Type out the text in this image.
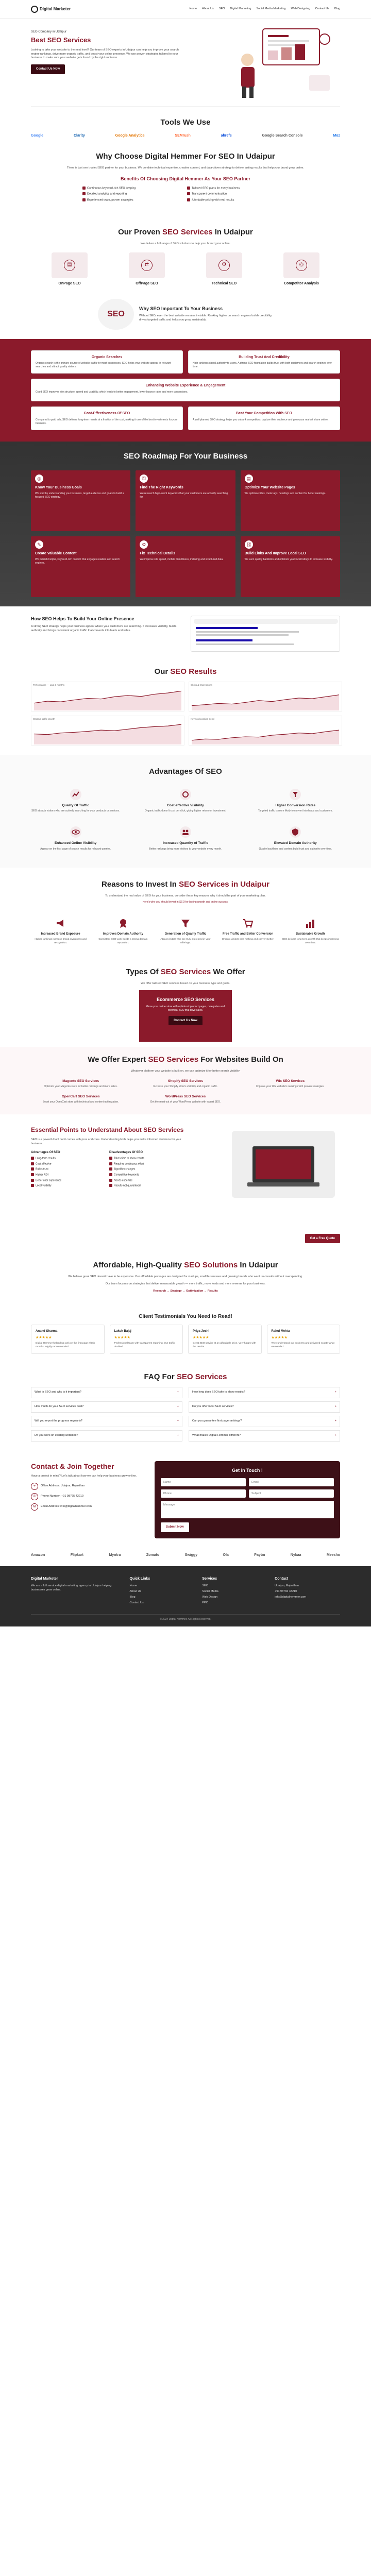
Digital Marketer	Home About Us SEO Digital Marketing Social Media Marketing Web Designing Contact Us Blog
SEO Company in Udaipur
Best SEO Services

Looking to take your website to the next level? Our team of SEO experts in Udaipur can help you improve your search engine rankings, drive more organic traffic, and boost your online presence. We use proven strategies tailored to your business to make sure your website gets found by the right audience.

Contact Us Now
Tools We Use
Google	Clarity	Google Analytics	SEMrush	ahrefs	Google Search Console	Moz
Why Choose Digital Hemmer For SEO In Udaipur

There is just one trusted SEO partner for your business. We combine technical expertise, creative content, and data-driven strategy to deliver lasting results that help your brand grow online.

Benefits Of Choosing Digital Hemmer As Your SEO Partner
Continuous keyword-rich SEO keeping
Detailed analytics and reporting
Experienced team, proven strategies
Tailored SEO plans for every business
Transparent communication
Affordable pricing with real results
Our Proven SEO Services In Udaipur

We deliver a full range of SEO solutions to help your brand grow online.

▤
OnPage SEO
⇄
OffPage SEO
⚙
Technical SEO
◎
Competitor Analysis
SEO
Why SEO Important To Your Business

Without SEO, even the best website remains invisible. Ranking higher on search engines builds credibility, drives targeted traffic and helps you grow sustainably.

Organic Searches

Organic search is the primary source of website traffic for most businesses. SEO helps your website appear in relevant searches and attract quality visitors.

Building Trust And Credibility

High rankings signal authority to users. A strong SEO foundation builds trust with both customers and search engines over time.

Enhancing Website Experience & Engagement

Good SEO improves site structure, speed and usability, which leads to better engagement, lower bounce rates and more conversions.

Cost-Effectiveness Of SEO

Compared to paid ads, SEO delivers long-term results at a fraction of the cost, making it one of the best investments for your business.

Beat Your Competition With SEO

A well planned SEO strategy helps you outrank competitors, capture their audience and grow your market share online.

SEO Roadmap For Your Business
◎
Know Your Business Goals

We start by understanding your business, target audience and goals to build a focused SEO strategy.

⚿
Find The Right Keywords

We research high-intent keywords that your customers are actually searching for.

▤
Optimize Your Website Pages

We optimize titles, meta tags, headings and content for better rankings.

✎
Create Valuable Content

We publish helpful, keyword-rich content that engages readers and search engines.

⚙
Fix Technical Details

We improve site speed, mobile friendliness, indexing and structured data.

⛓
Build Links And Improve Local SEO

We earn quality backlinks and optimize your local listings to increase visibility.

How SEO Helps To Build Your Online Presence

A strong SEO strategy helps your business appear where your customers are searching. It increases visibility, builds authority and brings consistent organic traffic that converts into leads and sales.

Our SEO Results
Performance — Last 3 months	Clicks & Impressions
Organic traffic growth	Keyword position trend
Advantages Of SEO
Quality Of Traffic

SEO attracts visitors who are actively searching for your products or services.

Cost-effective Visibility

Organic traffic doesn't cost per click, giving higher return on investment.

Higher Conversion Rates

Targeted traffic is more likely to convert into leads and customers.

Enhanced Online Visibility

Appear on the first page of search results for relevant queries.

Increased Quantity of Traffic

Better rankings bring more visitors to your website every month.

Elevated Domain Authority

Quality backlinks and content build trust and authority over time.

Reasons to Invest In SEO Services in Udaipur

To understand the real value of SEO for your business, consider these key reasons why it should be part of your marketing plan.

Here's why you should invest in SEO for lasting growth and online success.

Increased Brand Exposure

Higher rankings increase brand awareness and recognition.

Improves Domain Authority

Consistent SEO work builds a strong domain reputation.

Generation of Quality Traffic

Attract visitors who are truly interested in your offerings.

Free Traffic and Better Conversion

Organic visitors cost nothing and convert better.

Sustainable Growth

SEO delivers long-term growth that keeps improving over time.

Types Of SEO Services We Offer

We offer tailored SEO services based on your business type and goals.

Ecommerce SEO Services

Grow your online store with optimized product pages, categories and technical SEO that drive sales.

Contact Us Now
We Offer Expert SEO Services For Websites Build On

Whatever platform your website is built on, we can optimize it for better search visibility.

Magento SEO Services

Optimize your Magento store for better rankings and more sales.

Shopify SEO Services

Increase your Shopify store's visibility and organic traffic.

Wix SEO Services

Improve your Wix website's rankings with proven strategies.

OpenCart SEO Services

Boost your OpenCart store with technical and content optimization.

WordPress SEO Services

Get the most out of your WordPress website with expert SEO.

Essential Points to Understand About SEO Services

SEO is a powerful tool but it comes with pros and cons. Understanding both helps you make informed decisions for your business.

Advantages Of SEO
Long-term results
Cost-effective
Builds trust
Higher ROI
Better user experience
Local visibility
Disadvantages Of SEO
Takes time to show results
Requires continuous effort
Algorithm changes
Competitive keywords
Needs expertise
Results not guaranteed
Get a Free Quote
Affordable, High-Quality SEO Solutions In Udaipur

We believe great SEO doesn't have to be expensive. Our affordable packages are designed for startups, small businesses and growing brands who want real results without overspending.

Our team focuses on strategies that deliver measurable growth — more traffic, more leads and more revenue for your business.

Research → Strategy → Optimization → Results
Client Testimonials You Need to Read!
Anand Sharma
★★★★★

Digital Hemmer helped us rank on the first page within months. Highly recommended.

Laksh Bajaj
★★★★★

Professional team with transparent reporting. Our traffic doubled.

Priya Joshi
★★★★★

Great SEO service at an affordable price. Very happy with the results.

Rahul Mehta
★★★★★

They understood our business and delivered exactly what we needed.

FAQ For SEO Services
What is SEO and why is it important?	+	How long does SEO take to show results?	+
How much do your SEO services cost?	+	Do you offer local SEO services?	+
Will you report the progress regularly?	+	Can you guarantee first page rankings?	+
Do you work on existing websites?	+	What makes Digital Hemmer different?	+
Contact & Join Together

Have a project in mind? Let's talk about how we can help your business grow online.

⌖	Office Address: Udaipur, Rajasthan
☏	Phone Number: +91 98765 43210
✉	Email Address: info@digitalhemmer.com
Get in Touch !
Name
Email
Phone
Subject
Message
Submit Now
Amazon	Flipkart	Myntra	Zomato	Swiggy	Ola	Paytm	Nykaa	Meesho
Digital Marketer
We are a full service digital marketing agency in Udaipur helping businesses grow online.
Quick Links
Home
About Us
Blog
Contact Us
Services
SEO
Social Media
Web Design
PPC
Contact
Udaipur, Rajasthan
+91 98765 43210
info@digitalhemmer.com
© 2024 Digital Hemmer. All Rights Reserved.
